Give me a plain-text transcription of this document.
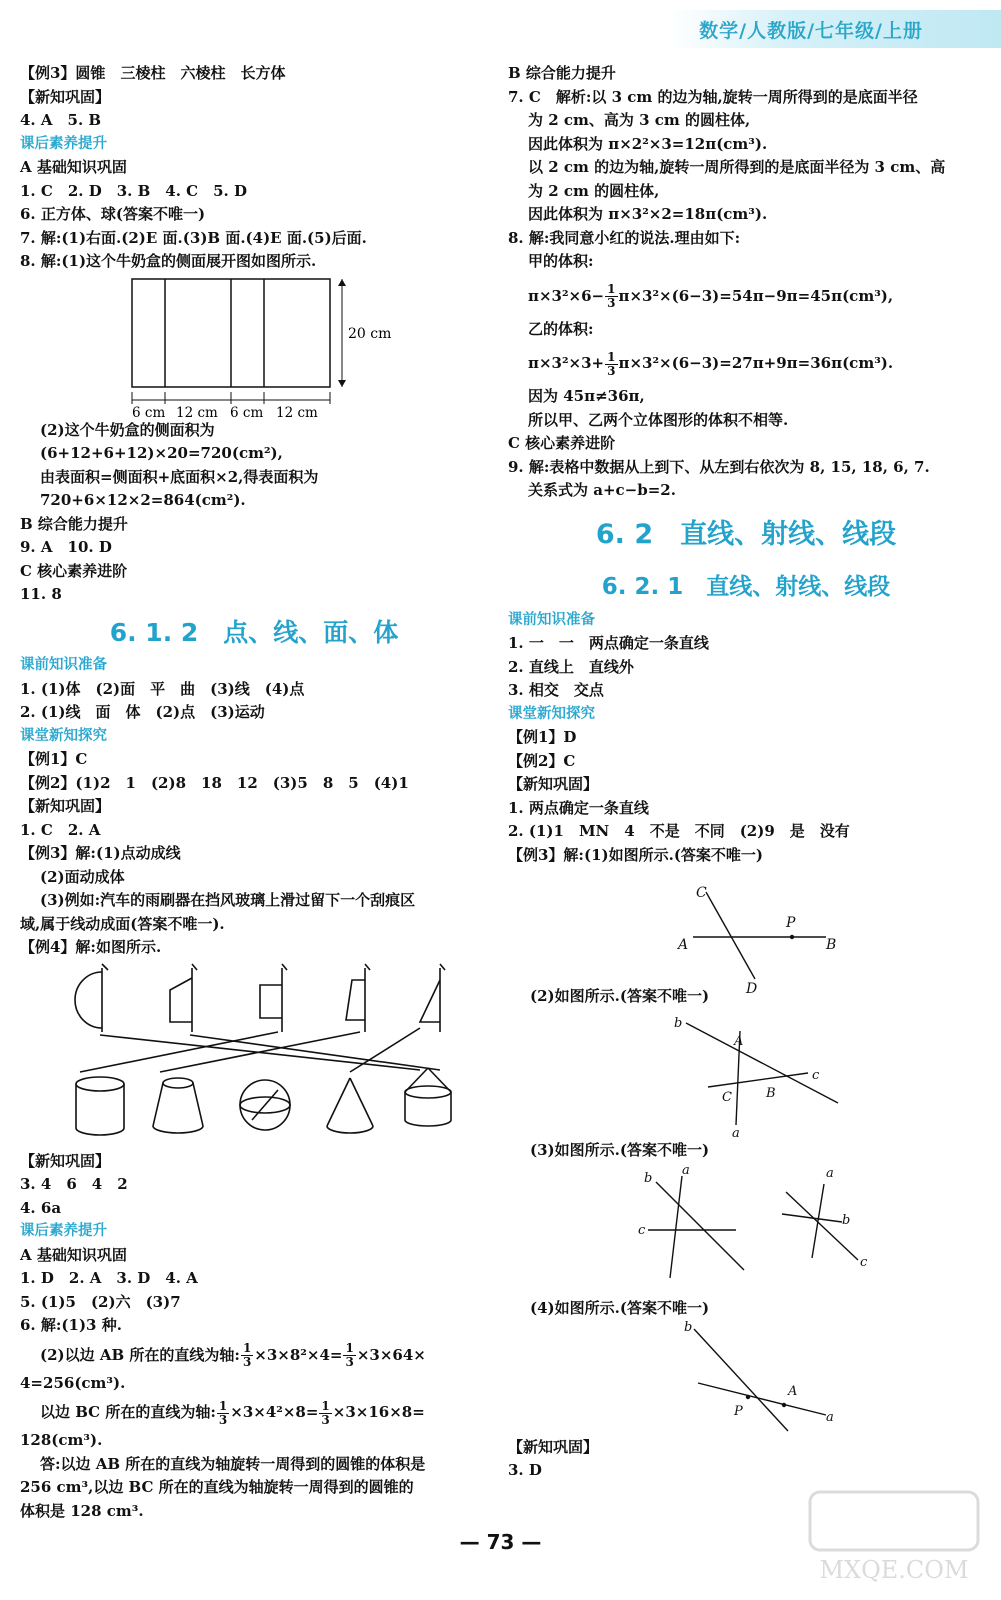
数学/人教版/七年级/上册
【例3】圆锥　三棱柱　六棱柱　长方体
【新知巩固】
4. A　5. B
课后素养提升
A 基础知识巩固
1. C　2. D　3. B　4. C　5. D
6. 正方体、球(答案不唯一)
7. 解:(1)右面.(2)E 面.(3)B 面.(4)E 面.(5)后面.
8. 解:(1)这个牛奶盒的侧面展开图如图所示.
20 cm
6 cm 12 cm 6 cm 12 cm
(2)这个牛奶盒的侧面积为
(6+12+6+12)×20=720(cm²),
由表面积=侧面积+底面积×2,得表面积为
720+6×12×2=864(cm²).
B 综合能力提升
9. A　10. D
C 核心素养进阶
11. 8
6. 1. 2　点、线、面、体
课前知识准备
1. (1)体　(2)面　平　曲　(3)线　(4)点
2. (1)线　面　体　(2)点　(3)运动
课堂新知探究
【例1】C
【例2】(1)2　1　(2)8　18　12　(3)5　8　5　(4)1
【新知巩固】
1. C　2. A
【例3】解:(1)点动成线
(2)面动成体
(3)例如:汽车的雨刷器在挡风玻璃上滑过留下一个刮痕区
域,属于线动成面(答案不唯一).
【例4】解:如图所示.
【新知巩固】
3. 4　6　4　2
4. 6a
课后素养提升
A 基础知识巩固
1. D　2. A　3. D　4. A
5. (1)5　(2)六　(3)7
6. 解:(1)3 种.
(2)以边 AB 所在的直线为轴: $\frac{1}{3} \times 3\times 8^2\times 4= \frac{1}{3} \times 3\times 64\times$
4=256(cm³).
以边 BC 所在的直线为轴: $\frac{1}{3} \times 3\times 4^2\times 8= \frac{1}{3} \times 3\times 16\times 8=$
128(cm³).
答:以边 AB 所在的直线为轴旋转一周得到的圆锥的体积是
256 cm³,以边 BC 所在的直线为轴旋转一周得到的圆锥的
体积是 128 cm³.
B 综合能力提升
7. C　解析:以 3 cm 的边为轴,旋转一周所得到的是底面半径
为 2 cm、高为 3 cm 的圆柱体,
因此体积为 π×2²×3=12π(cm³).
以 2 cm 的边为轴,旋转一周所得到的是底面半径为 3 cm、高
为 2 cm 的圆柱体,
因此体积为 π×3²×2=18π(cm³).
8. 解:我同意小红的说法.理由如下:
甲的体积:
$\pi\times 3^2\times 6- \frac{1}{3} \pi\times 3^2\times(6-3)=54\pi-9\pi=45\pi(cm^3)$,
乙的体积:
$\pi\times 3^2\times 3+ \frac{1}{3} \pi\times 3^2\times(6-3)=27\pi+9\pi=36\pi(cm^3)$.
因为 45π≠36π,
所以甲、乙两个立体图形的体积不相等.
C 核心素养进阶
9. 解:表格中数据从上到下、从左到右依次为 8, 15, 18, 6, 7.
关系式为 a+c−b=2.
6. 2　直线、射线、线段
6. 2. 1　直线、射线、线段
课前知识准备
1. 一　一　两点确定一条直线
2. 直线上　直线外
3. 相交　交点
课堂新知探究
【例1】D
【例2】C
【新知巩固】
1. 两点确定一条直线
2. (1)1　MN　4　不是　不同　(2)9　是　没有
【例3】解:(1)如图所示.(答案不唯一)
C
P
A	B
D
(2)如图所示.(答案不唯一)
b
A
c
C	B
a
(3)如图所示.(答案不唯一)
b
a
c
a
b
c
(4)如图所示.(答案不唯一)
b
A
P	a
【新知巩固】
3. D
MXQE.COM
— 73 —
